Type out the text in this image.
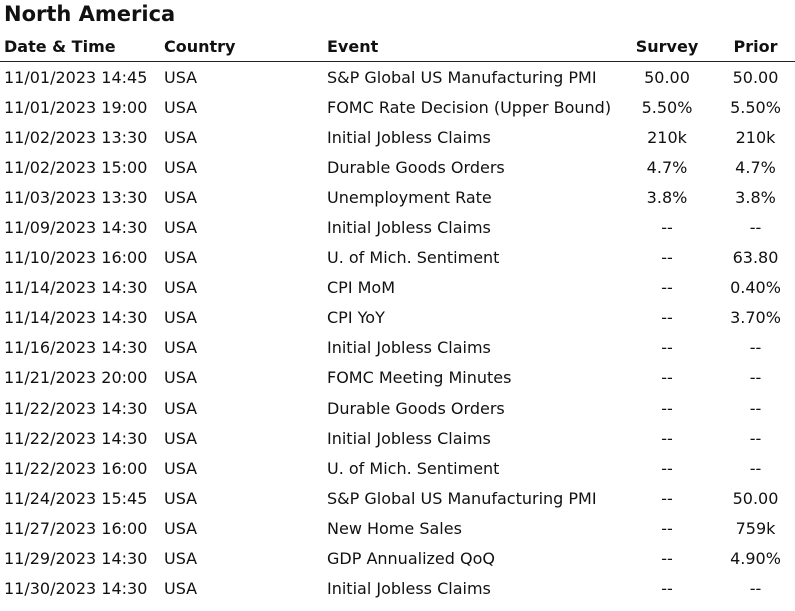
North America
Date & Time	Country	Event	Survey	Prior
11/01/2023 14:45	USA	S&P Global US Manufacturing PMI	50.00	50.00
11/01/2023 19:00	USA	FOMC Rate Decision (Upper Bound)	5.50%	5.50%
11/02/2023 13:30	USA	Initial Jobless Claims	210k	210k
11/02/2023 15:00	USA	Durable Goods Orders	4.7%	4.7%
11/03/2023 13:30	USA	Unemployment Rate	3.8%	3.8%
11/09/2023 14:30	USA	Initial Jobless Claims	--	--
11/10/2023 16:00	USA	U. of Mich. Sentiment	--	63.80
11/14/2023 14:30	USA	CPI MoM	--	0.40%
11/14/2023 14:30	USA	CPI YoY	--	3.70%
11/16/2023 14:30	USA	Initial Jobless Claims	--	--
11/21/2023 20:00	USA	FOMC Meeting Minutes	--	--
11/22/2023 14:30	USA	Durable Goods Orders	--	--
11/22/2023 14:30	USA	Initial Jobless Claims	--	--
11/22/2023 16:00	USA	U. of Mich. Sentiment	--	--
11/24/2023 15:45	USA	S&P Global US Manufacturing PMI	--	50.00
11/27/2023 16:00	USA	New Home Sales	--	759k
11/29/2023 14:30	USA	GDP Annualized QoQ	--	4.90%
11/30/2023 14:30	USA	Initial Jobless Claims	--	--
